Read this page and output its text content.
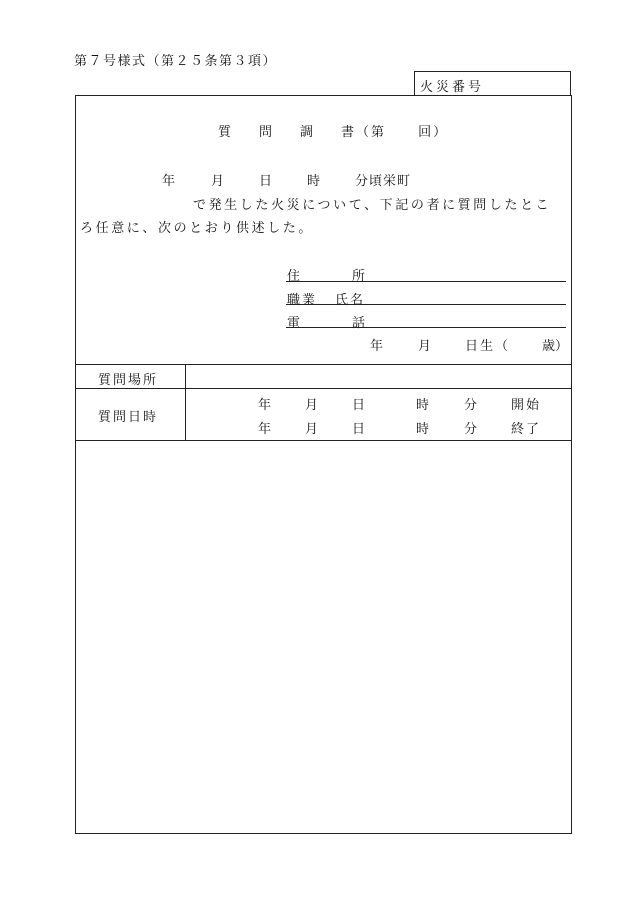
第７号様式（第２５条第３項）
火災番号
質 問 調 書（第 回）
年	月	日	時	分頃栄町
で発生した火災について、下記の者に質問したとこ
ろ任意に、次のとおり供述した。
住	所
職業 氏名
電	話
年	月	日生（ 歳）
質問場所
質問日時
年	月	日	時	分	開始
年	月	日	時	分	終了
